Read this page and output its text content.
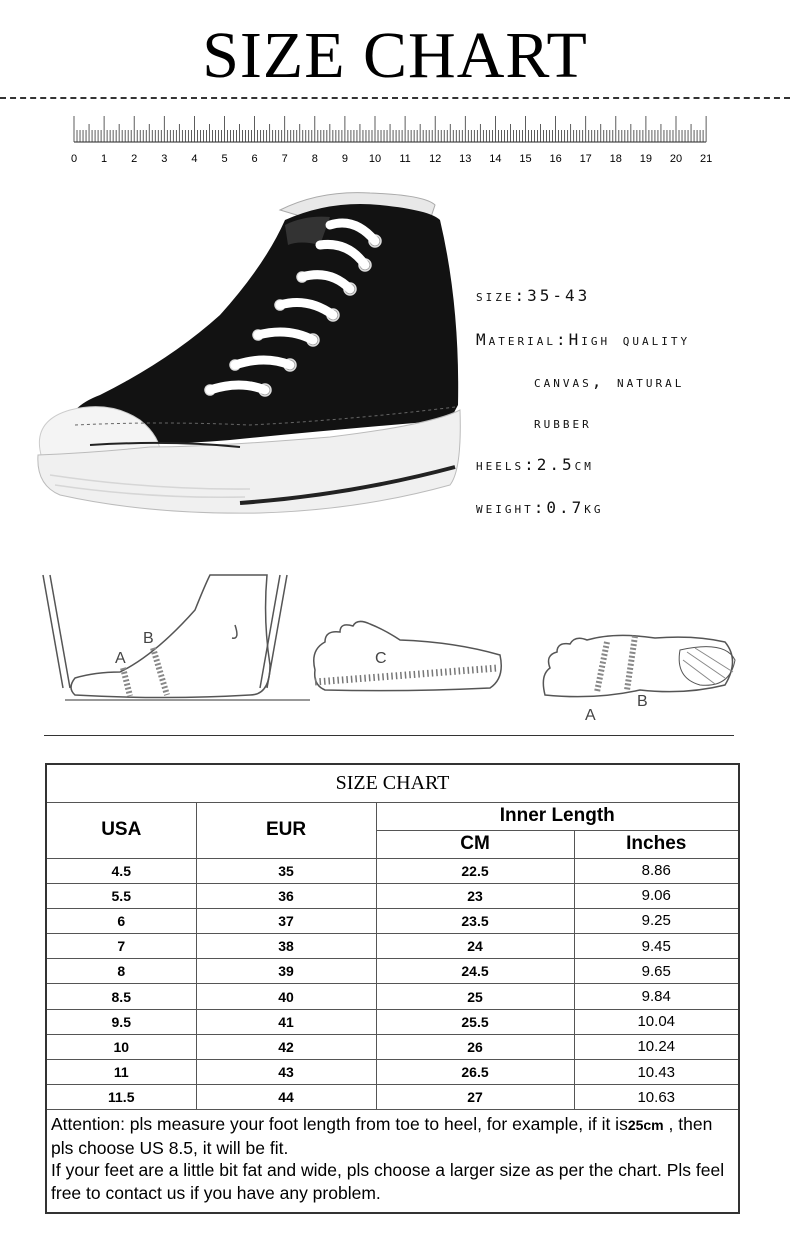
SIZE CHART
0 1 2 3 4 5 6 7 8 9 10 11 12 13 14 15 16 17 18 19 20 21
size:35-43
Material:High quality
canvas, natural
rubber
heels:2.5cm
weight:0.7kg
A
B
C
A
B
SIZE CHART			
USA	EUR	Inner Length	
		CM	Inches
4.5	35	22.5	8.86
5.5	36	23	9.06
6	37	23.5	9.25
7	38	24	9.45
8	39	24.5	9.65
8.5	40	25	9.84
9.5	41	25.5	10.04
10	42	26	10.24
11	43	26.5	10.43
11.5	44	27	10.63
Attention: pls measure your foot length from toe to heel, for example, if it is25cm , then pls choose US 8.5, it will be fit.
If your feet are a little bit fat and wide, pls choose a larger size as per the chart. Pls feel free to contact us if you have any problem.			
